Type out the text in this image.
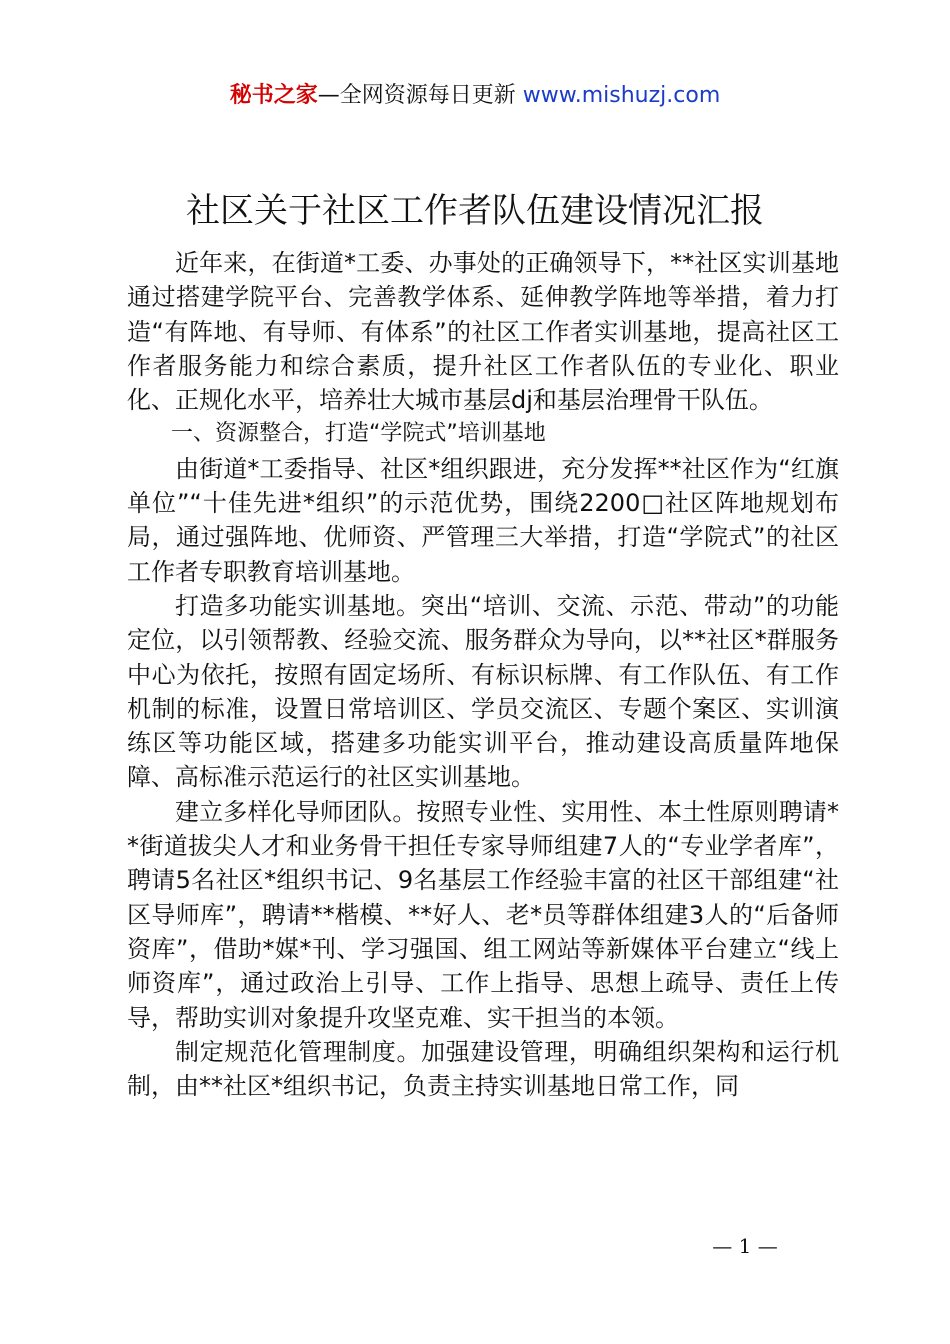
秘书之家—全网资源每日更新 www.mishuzj.com
社区关于社区工作者队伍建设情况汇报

近年来，在街道*工委、办事处的正确领导下，**社区实训基地通过搭建学院平台、完善教学体系、延伸教学阵地等举措，着力打造“有阵地、有导师、有体系”的社区工作者实训基地，提高社区工作者服务能力和综合素质，提升社区工作者队伍的专业化、职业化、正规化水平，培养壮大城市基层dj和基层治理骨干队伍。

一、资源整合，打造“学院式”培训基地

由街道*工委指导、社区*组织跟进，充分发挥**社区作为“红旗单位”“十佳先进*组织”的示范优势，围绕2200□社区阵地规划布局，通过强阵地、优师资、严管理三大举措，打造“学院式”的社区工作者专职教育培训基地。

打造多功能实训基地。突出“培训、交流、示范、带动”的功能定位，以引领帮教、经验交流、服务群众为导向，以**社区*群服务中心为依托，按照有固定场所、有标识标牌、有工作队伍、有工作机制的标准，设置日常培训区、学员交流区、专题个案区、实训演练区等功能区域，搭建多功能实训平台，推动建设高质量阵地保障、高标准示范运行的社区实训基地。

建立多样化导师团队。按照专业性、实用性、本土性原则聘请**街道拔尖人才和业务骨干担任专家导师组建7人的“专业学者库”，聘请5名社区*组织书记、9名基层工作经验丰富的社区干部组建“社区导师库”，聘请**楷模、**好人、老*员等群体组建3人的“后备师资库”，借助*媒*刊、学习强国、组工网站等新媒体平台建立“线上师资库”，通过政治上引导、工作上指导、思想上疏导、责任上传导，帮助实训对象提升攻坚克难、实干担当的本领。

制定规范化管理制度。加强建设管理，明确组织架构和运行机制，由**社区*组织书记，负责主持实训基地日常工作，同

— 1 —
